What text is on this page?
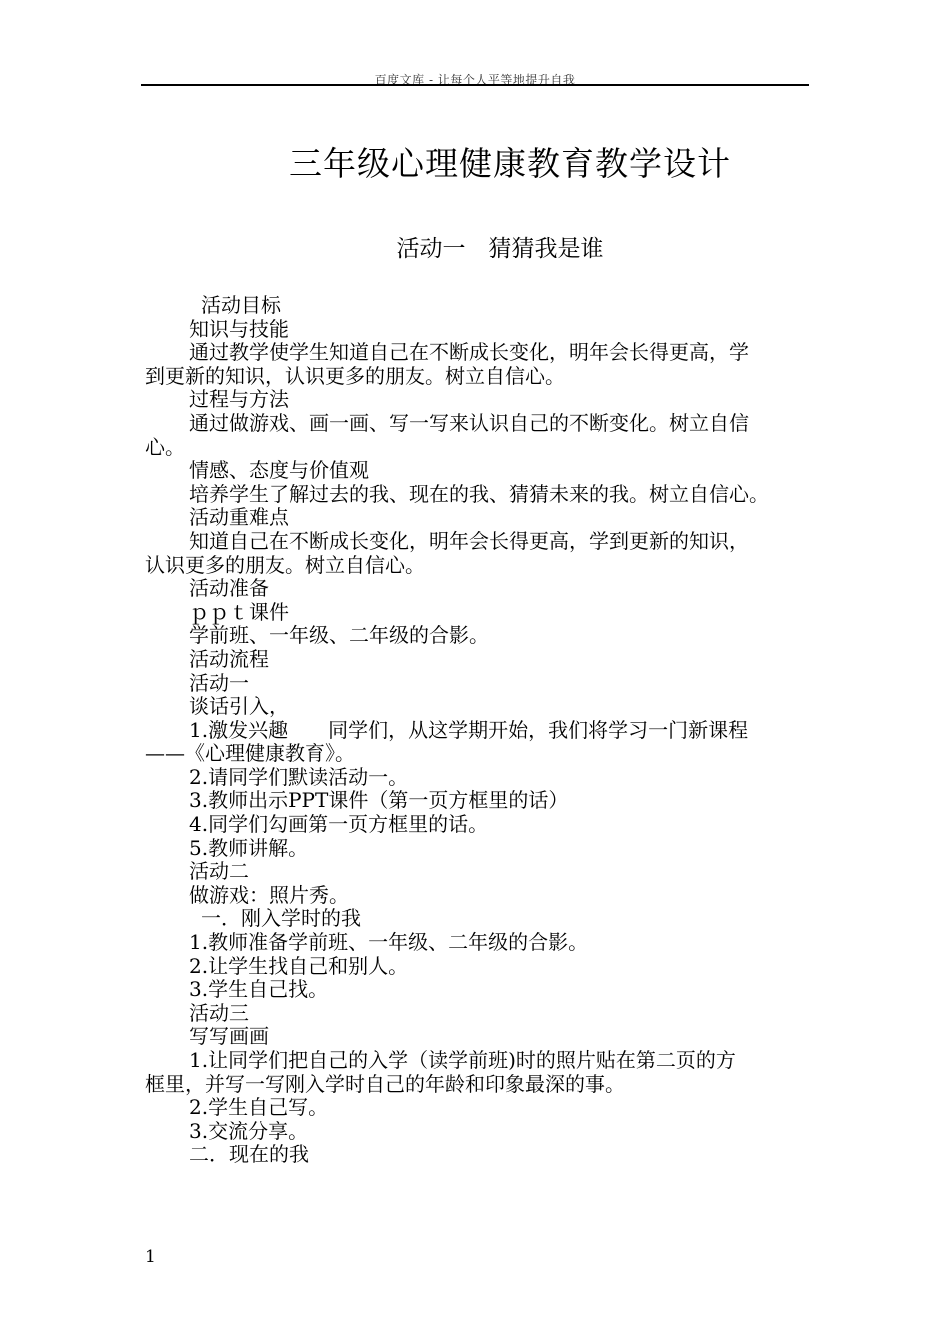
百度文库 - 让每个人平等地提升自我
三年级心理健康教育教学设计
活动一　猜猜我是谁

活动目标

知识与技能

通过教学使学生知道自己在不断成长变化，明年会长得更高，学

到更新的知识，认识更多的朋友。树立自信心。

过程与方法

通过做游戏、画一画、写一写来认识自己的不断变化。树立自信

心。

情感、态度与价值观

培养学生了解过去的我、现在的我、猜猜未来的我。树立自信心。

活动重难点

知道自己在不断成长变化，明年会长得更高，学到更新的知识，

认识更多的朋友。树立自信心。

活动准备

ｐｐｔ课件

学前班、一年级、二年级的合影。

活动流程

活动一

谈话引入，

1.激发兴趣　　同学们，从这学期开始，我们将学习一门新课程

——《心理健康教育》。

2.请同学们默读活动一。

3.教师出示PPT课件（第一页方框里的话）

4.同学们勾画第一页方框里的话。

5.教师讲解。

活动二

做游戏：照片秀。

一．刚入学时的我

1.教师准备学前班、一年级、二年级的合影。

2.让学生找自己和别人。

3.学生自己找。

活动三

写写画画

1.让同学们把自己的入学（读学前班)时的照片贴在第二页的方

框里，并写一写刚入学时自己的年龄和印象最深的事。

2.学生自己写。

3.交流分享。

二．现在的我

1
